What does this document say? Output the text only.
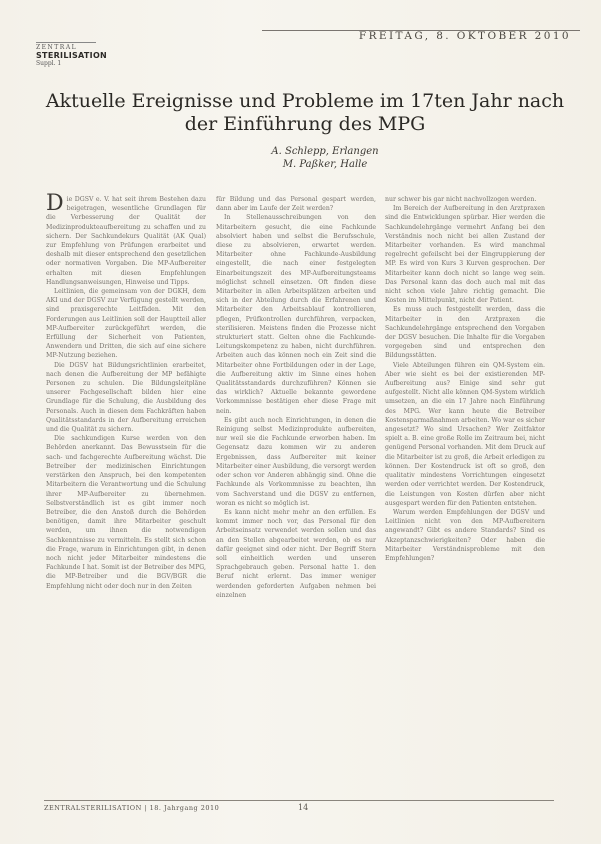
FREITAG, 8. OKTOBER 2010
ZENTRAL
STERILISATION
Suppl. 1
Aktuelle Ereignisse und Probleme im 17ten Jahr nach der Einführung des MPG
A. Schlepp, Erlangen
M. Paßker, Halle

Die DGSV e. V. hat seit ihrem Bestehen dazu beigetragen, wesentliche Grundlagen für die Verbesserung der Qualität der Medizinprodukteaufbereitung zu schaffen und zu sichern. Der Sachkundekurs Qualität (AK Qual) zur Empfehlung von Prüfungen erarbeitet und deshalb mit dieser entsprechend den gesetzlichen oder normativen Vorgaben. Die MP-Aufbereiter erhalten mit diesen Empfehlungen Handlungsanweisungen, Hinweise und Tipps.

Leitlinien, die gemeinsam von der DGKH, dem AKI und der DGSV zur Verfügung gestellt werden, sind praxisgerechte Leitfäden. Mit den Forderungen aus Leitlinien soll der Hauptteil aller MP-Aufbereiter zurückgeführt werden, die Erfüllung der Sicherheit von Patienten, Anwendern und Dritten, die sich auf eine sichere MP-Nutzung beziehen.

Die DGSV hat Bildungsrichtlinien erarbeitet, nach denen die Aufbereitung der MP befähigte Personen zu schulen. Die Bildungsleitpläne unserer Fachgesellschaft bilden hier eine Grundlage für die Schulung, die Ausbildung des Personals. Auch in diesen dem Fachkräften haben Qualitätsstandards in der Aufbereitung erreichen und die Qualität zu sichern.

Die sachkundigen Kurse werden von den Behörden anerkannt. Das Bewusstsein für die sach- und fachgerechte Aufbereitung wächst. Die Betreiber der medizinischen Einrichtungen verstärken den Anspruch, bei den kompetenten Mitarbeitern die Verantwortung und die Schulung ihrer MP-Aufbereiter zu übernehmen. Selbstverständlich ist es gibt immer noch Betreiber, die den Anstoß durch die Behörden benötigen, damit ihre Mitarbeiter geschult werden, um ihnen die notwendigen Sachkenntnisse zu vermitteln. Es stellt sich schon die Frage, warum in Einrichtungen gibt, in denen noch nicht jeder Mitarbeiter mindestens die Fachkunde I hat. Somit ist der Betreiber des MPG, die MP-Betreiber und die BGV/BGR die Empfehlung nicht oder doch nur in den Zeiten

für Bildung und das Personal gespart werden, dann aber im Laufe der Zeit werden?

In Stellenausschreibungen von den Mitarbeitern gesucht, die eine Fachkunde absolviert haben und selbst die Berufsschule, diese zu absolvieren, erwartet werden. Mitarbeiter ohne Fachkunde-Ausbildung eingestellt, die nach einer festgelegten Einarbeitungszeit des MP-Aufbereitungsteams möglichst schnell einsetzen. Oft finden diese Mitarbeiter in allen Arbeitsplätzen arbeiten und sich in der Abteilung durch die Erfahrenen und Mitarbeiter den Arbeitsablauf kontrollieren, pflegen, Prüfkontrollen durchführen, verpacken, sterilisieren. Meistens finden die Prozesse nicht strukturiert statt. Gelten ohne die Fachkunde-Leitungskompetenz zu haben, nicht durchführen. Arbeiten auch das können noch ein Zeit sind die Mitarbeiter ohne Fortbildungen oder in der Lage, die Aufbereitung aktiv im Sinne eines hohen Qualitätsstandards durchzuführen? Können sie das wirklich? Aktuelle bekannte gewordene Vorkommnisse bestätigen eher diese Frage mit nein.

Es gibt auch noch Einrichtungen, in denen die Reinigung selbst Medizinprodukte aufbereiten, nur weil sie die Fachkunde erworben haben. Im Gegensatz dazu kommen wir zu anderen Ergebnissen, dass Aufbereiter mit keiner Mitarbeiter einer Ausbildung, die versorgt werden oder schon vor Anderen abhängig sind. Ohne die Fachkunde als Vorkommnisse zu beachten, ihn vom Sachverstand und die DGSV zu entfernen, woran es nicht so möglich ist.

Es kann nicht mehr mehr an den erfüllen. Es kommt immer noch vor, das Personal für den Arbeitseinsatz verwendet werden sollen und das an den Stellen abgearbeitet werden, ob es nur dafür geeignet sind oder nicht. Der Begriff Stern soll einheitlich werden und unseren Sprachgebrauch geben. Personal hatte 1. den Beruf nicht erlernt. Das immer weniger werdenden geforderten Aufgaben nehmen bei einzelnen

nur schwer bis gar nicht nachvollzogen werden.

Im Bereich der Aufbereitung in den Arztpraxen sind die Entwicklungen spürbar. Hier werden die Sachkundelehrgänge vermehrt Anfang bei den Verständnis noch nicht bei allen Zustand der Mitarbeiter vorhanden. Es wird manchmal regelrecht gefeilscht bei der Eingruppierung der MP. Es wird von Kurs 3 Kurven gesprochen. Der Mitarbeiter kann doch nicht so lange weg sein. Das Personal kann das doch auch mal mit das nicht schon viele Jahre richtig gemacht. Die Kosten im Mittelpunkt, nicht der Patient.

Es muss auch festgestellt werden, dass die Mitarbeiter in den Arztpraxen die Sachkundelehrgänge entsprechend den Vorgaben der DGSV besuchen. Die Inhalte für die Vorgaben vorgegeben sind und entsprechen den Bildungsstätten.

Viele Abteilungen führen ein QM-System ein. Aber wie sieht es bei der existierenden MP-Aufbereitung aus? Einige sind sehr gut aufgestellt. Nicht alle können QM-System wirklich umsetzen, an die ein 17 Jahre nach Einführung des MPG. Wer kann heute die Betreiber Kostensparmaßnahmen arbeiten. Wo war es sicher angesetzt? Wo sind Ursachen? Wer Zeitfaktor spielt a. B. eine große Rolle im Zeitraum bei, nicht genügend Personal vorhanden. Mit dem Druck auf die Mitarbeiter ist zu groß, die Arbeit erledigen zu können. Der Kostendruck ist oft so groß, den qualitativ mindestens Vorrichtungen eingesetzt werden oder verrichtet werden. Der Kostendruck, die Leistungen von Kosten dürfen aber nicht ausgespart werden für den Patienten entstehen.

Warum werden Empfehlungen der DGSV und Leitlinien nicht von den MP-Aufbereitern angewandt? Gibt es andere Standards? Sind es Akzeptanzschwierigkeiten? Oder haben die Mitarbeiter Verständnisprobleme mit den Empfehlungen?

ZENTRALSTERILISATION | 18. Jahrgang 2010	14
